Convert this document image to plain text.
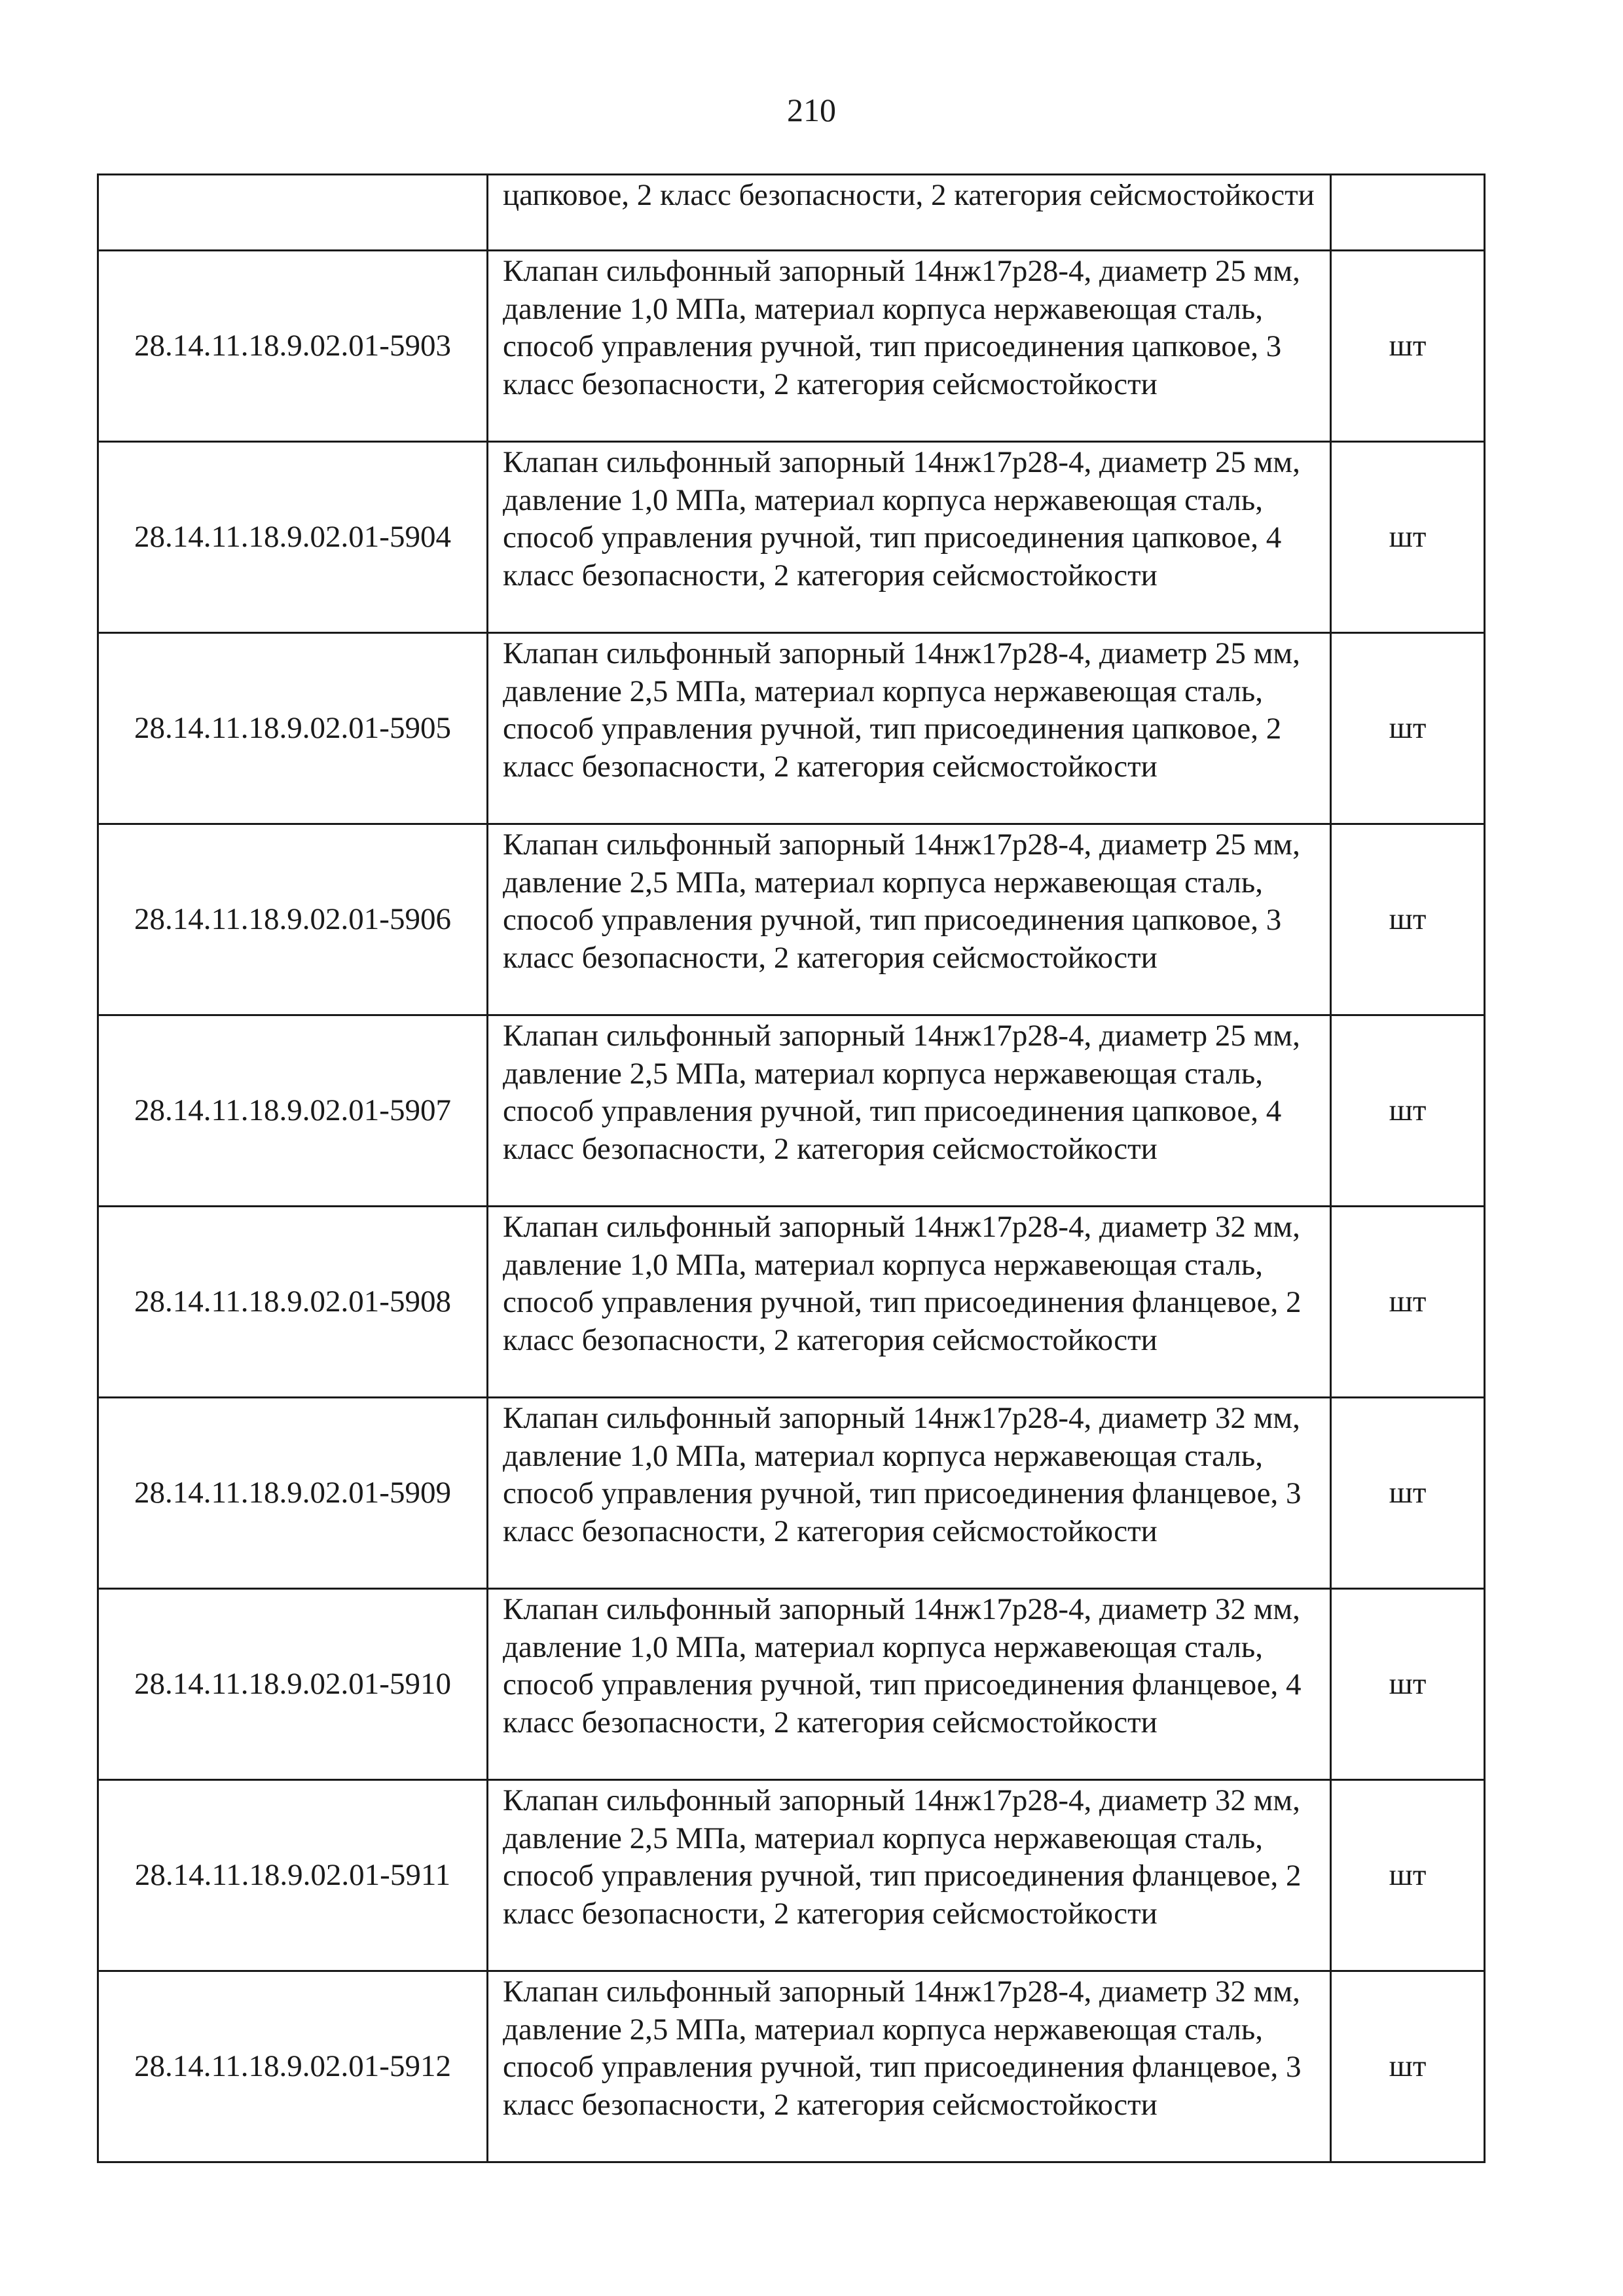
210
	цапковое, 2 класс безопасности, 2 категория сейсмостойкости	
28.14.11.18.9.02.01-5903	Клапан сильфонный запорный 14нж17р28-4, диаметр 25 мм, давление 1,0 МПа, материал корпуса нержавеющая сталь, способ управления ручной, тип присоединения цапковое, 3 класс безопасности, 2 категория сейсмостойкости	шт
28.14.11.18.9.02.01-5904	Клапан сильфонный запорный 14нж17р28-4, диаметр 25 мм, давление 1,0 МПа, материал корпуса нержавеющая сталь, способ управления ручной, тип присоединения цапковое, 4 класс безопасности, 2 категория сейсмостойкости	шт
28.14.11.18.9.02.01-5905	Клапан сильфонный запорный 14нж17р28-4, диаметр 25 мм, давление 2,5 МПа, материал корпуса нержавеющая сталь, способ управления ручной, тип присоединения цапковое, 2 класс безопасности, 2 категория сейсмостойкости	шт
28.14.11.18.9.02.01-5906	Клапан сильфонный запорный 14нж17р28-4, диаметр 25 мм, давление 2,5 МПа, материал корпуса нержавеющая сталь, способ управления ручной, тип присоединения цапковое, 3 класс безопасности, 2 категория сейсмостойкости	шт
28.14.11.18.9.02.01-5907	Клапан сильфонный запорный 14нж17р28-4, диаметр 25 мм, давление 2,5 МПа, материал корпуса нержавеющая сталь, способ управления ручной, тип присоединения цапковое, 4 класс безопасности, 2 категория сейсмостойкости	шт
28.14.11.18.9.02.01-5908	Клапан сильфонный запорный 14нж17р28-4, диаметр 32 мм, давление 1,0 МПа, материал корпуса нержавеющая сталь, способ управления ручной, тип присоединения фланцевое, 2 класс безопасности, 2 категория сейсмостойкости	шт
28.14.11.18.9.02.01-5909	Клапан сильфонный запорный 14нж17р28-4, диаметр 32 мм, давление 1,0 МПа, материал корпуса нержавеющая сталь, способ управления ручной, тип присоединения фланцевое, 3 класс безопасности, 2 категория сейсмостойкости	шт
28.14.11.18.9.02.01-5910	Клапан сильфонный запорный 14нж17р28-4, диаметр 32 мм, давление 1,0 МПа, материал корпуса нержавеющая сталь, способ управления ручной, тип присоединения фланцевое, 4 класс безопасности, 2 категория сейсмостойкости	шт
28.14.11.18.9.02.01-5911	Клапан сильфонный запорный 14нж17р28-4, диаметр 32 мм, давление 2,5 МПа, материал корпуса нержавеющая сталь, способ управления ручной, тип присоединения фланцевое, 2 класс безопасности, 2 категория сейсмостойкости	шт
28.14.11.18.9.02.01-5912	Клапан сильфонный запорный 14нж17р28-4, диаметр 32 мм, давление 2,5 МПа, материал корпуса нержавеющая сталь, способ управления ручной, тип присоединения фланцевое, 3 класс безопасности, 2 категория сейсмостойкости	шт
